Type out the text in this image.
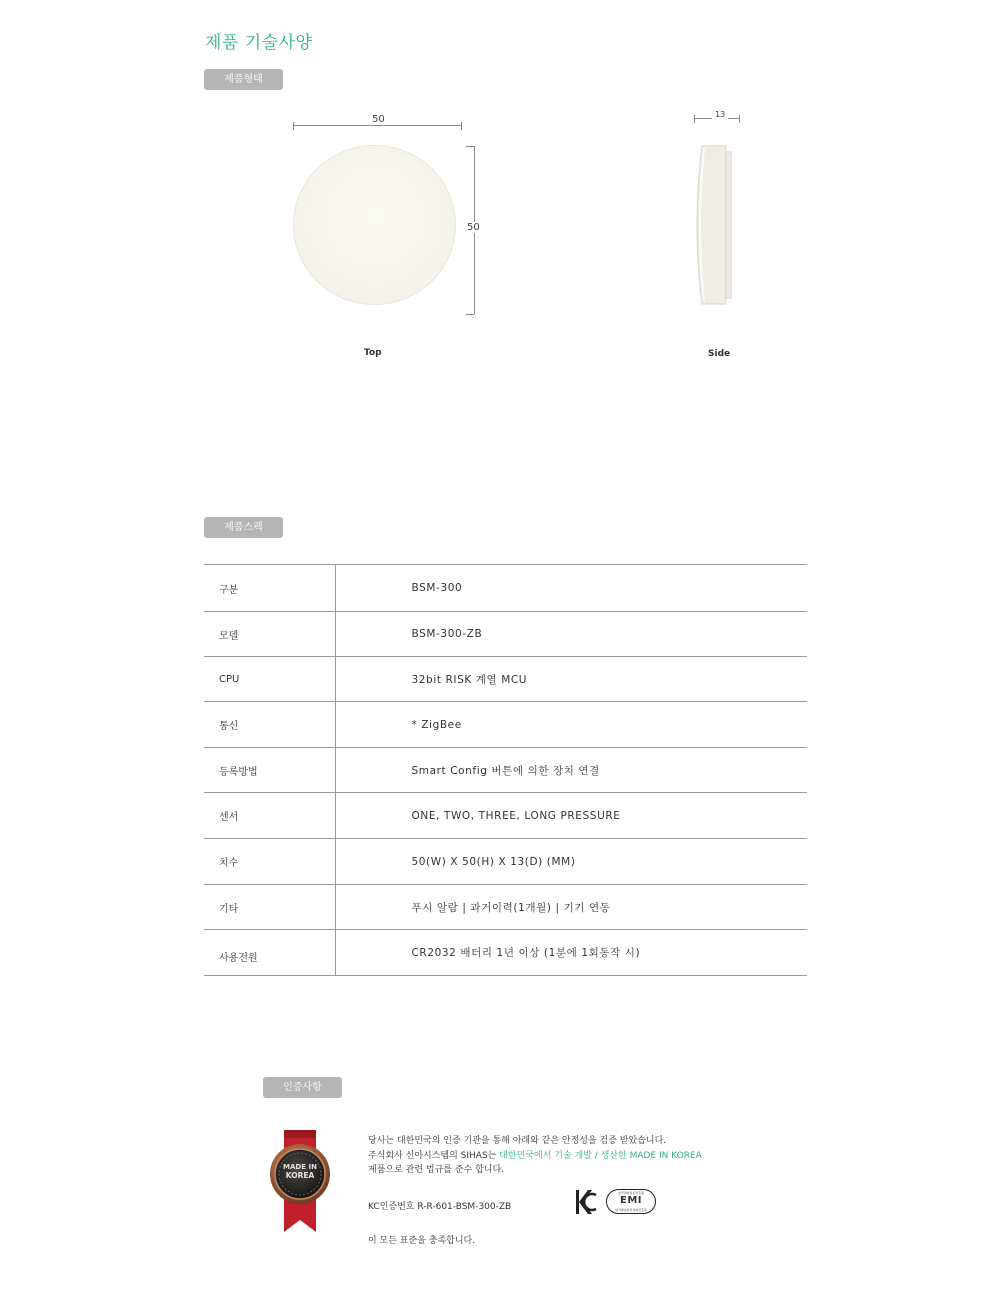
제품 기술사양
제품형태
50
50
Top
13
Side
제품스펙
구분	BSM-300
모델	BSM-300-ZB
CPU	32bit RISK 계열 MCU
통신	* ZigBee
등록방법	Smart Config 버튼에 의한 장치 연결
센서	ONE, TWO, THREE, LONG PRESSURE
치수	50(W) X 50(H) X 13(D) (MM)
기타	푸시 알람 | 과거이력(1개월) | 기기 연동
사용전원	CR2032 배터리 1년 이상 (1분에 1회동작 시)
인증사항
MADE IN
KOREA
당사는 대한민국의 인증 기관을 통해 아래와 같은 안정성을 검증 받았습니다.
주식회사 신아시스템의 SIHAS는 대한민국에서 기술 개발 / 생산한 MADE IN KOREA
제품으로 관련 법규를 준수 합니다.
KC인증번호 R-R-601-BSM-300-ZB
이 모든 표준을 충족합니다.
한국전파통신진흥원
EMI
한국방송통신전파진흥원
